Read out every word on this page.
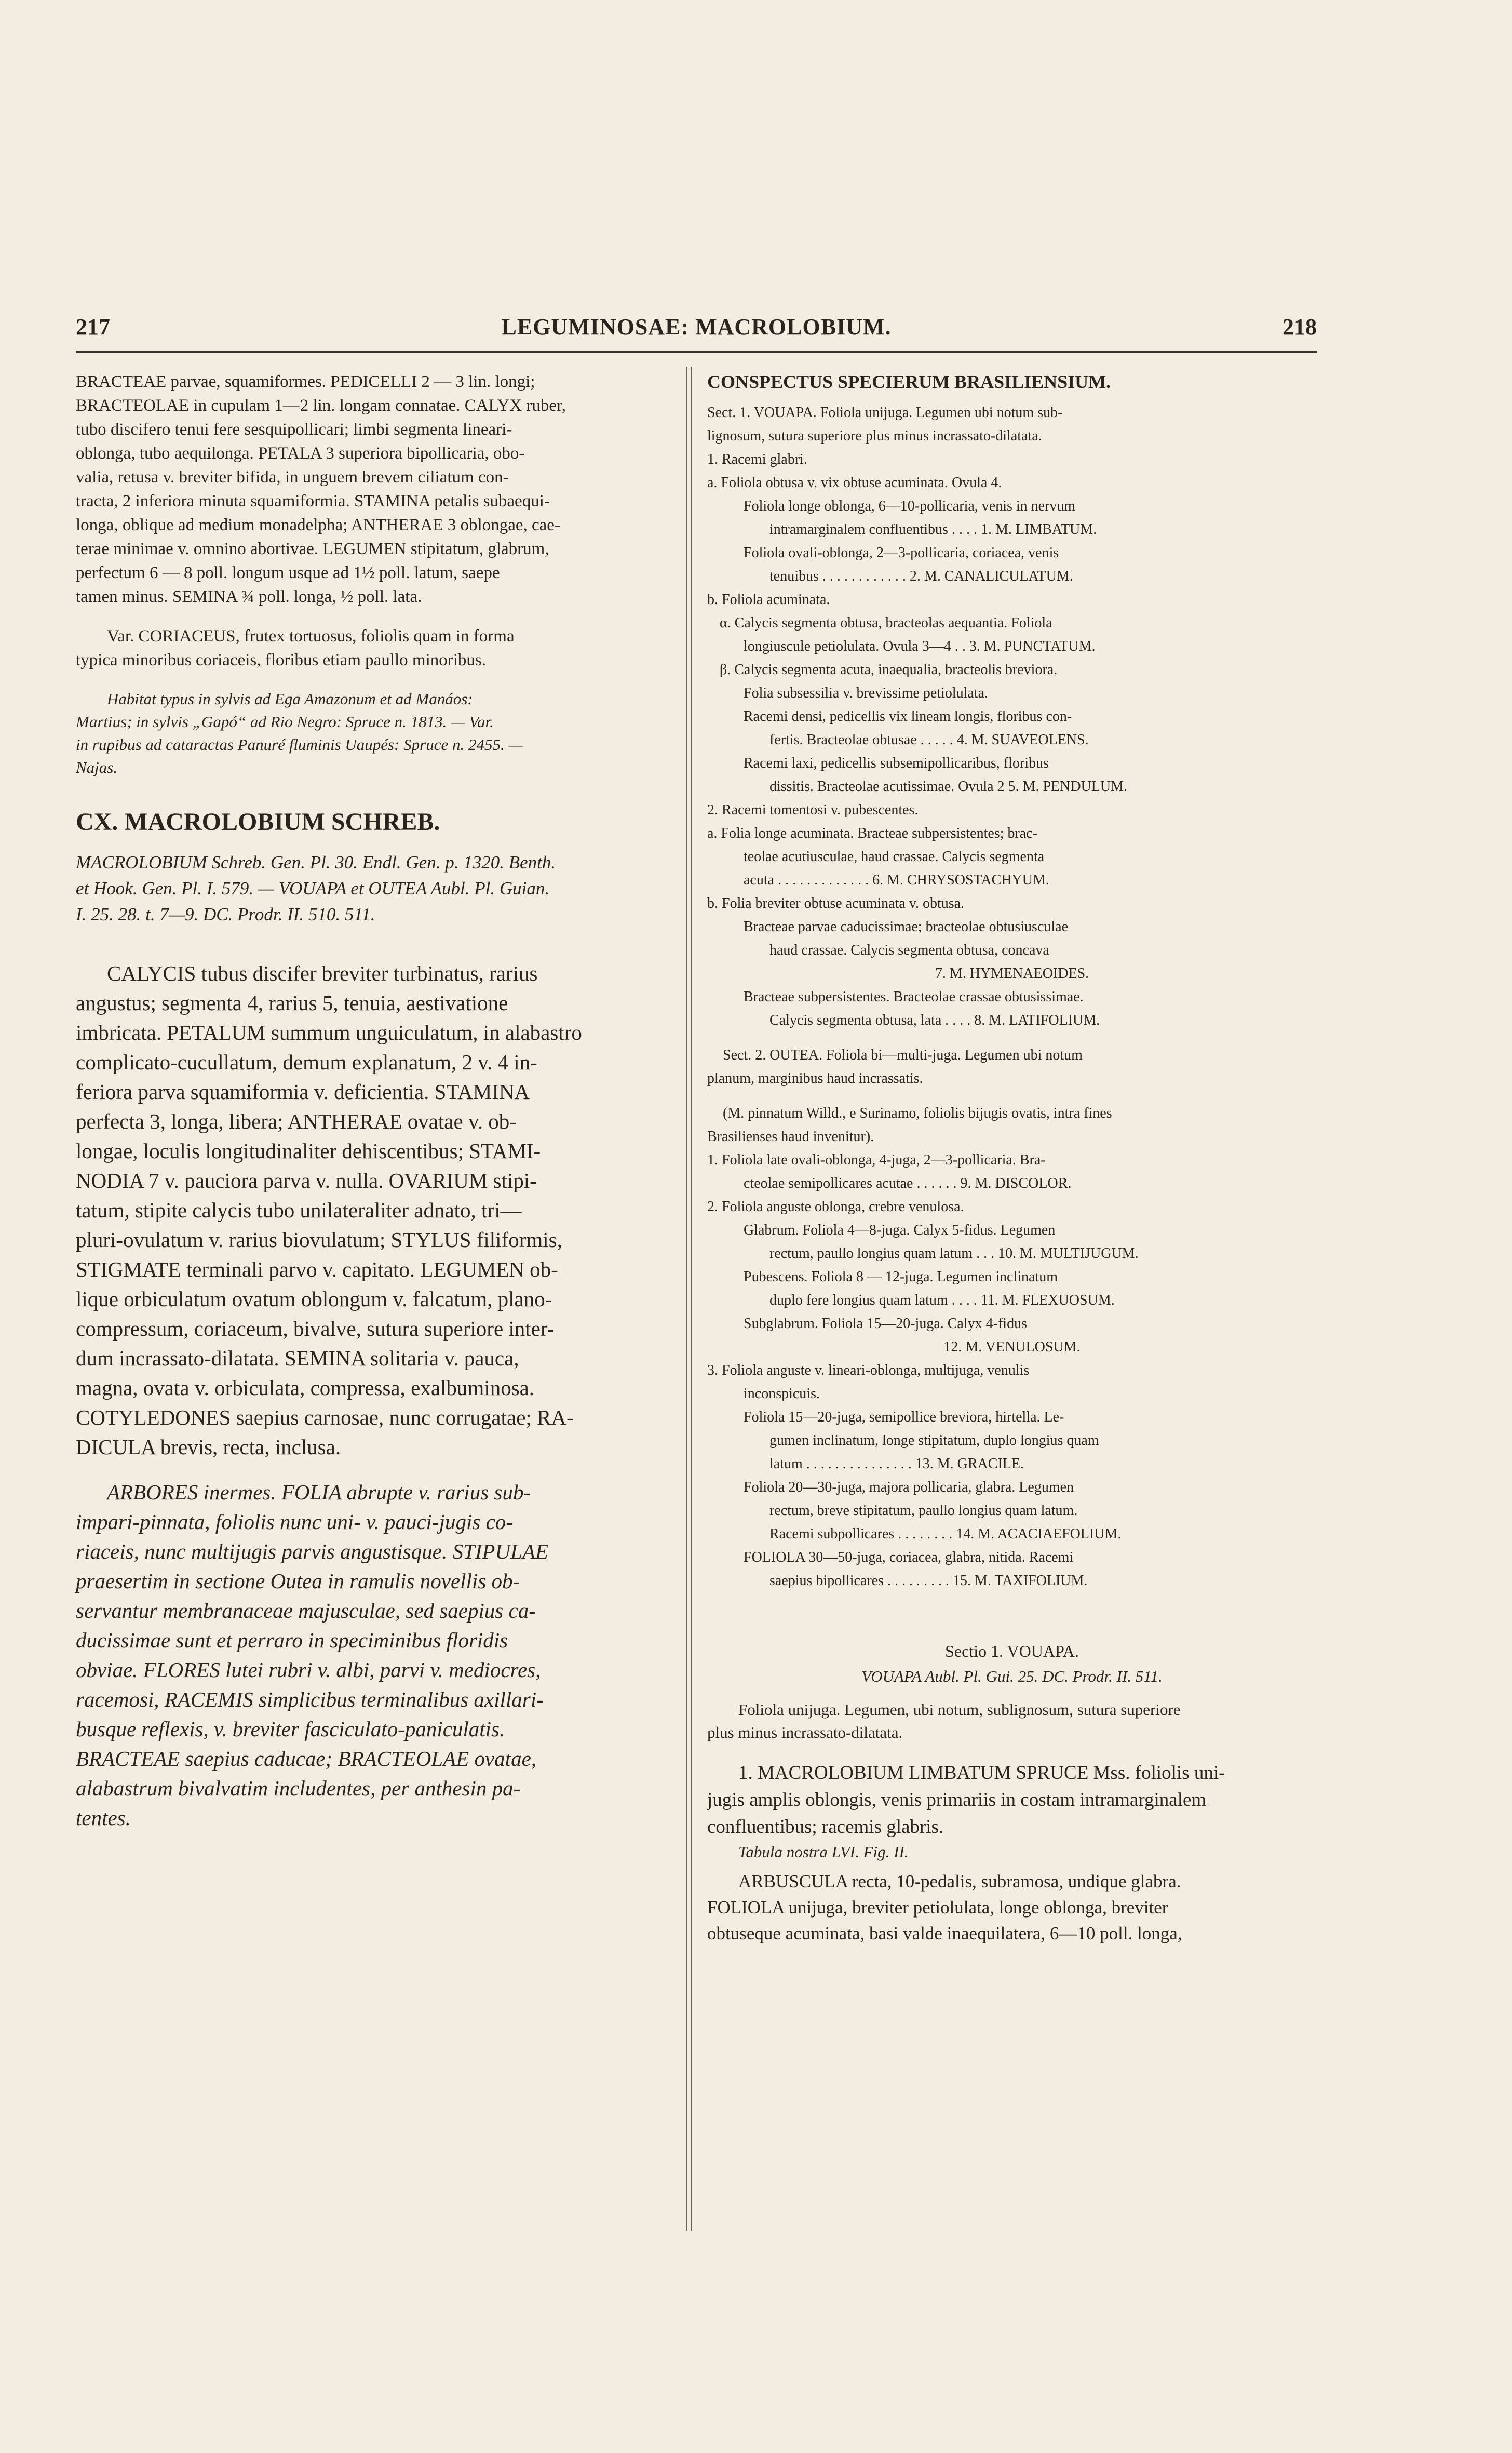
217	LEGUMINOSAE: MACROLOBIUM.	218

BRACTEAE parvae, squamiformes. PEDICELLI 2 — 3 lin. longi;

BRACTEOLAE in cupulam 1—2 lin. longam connatae. CALYX ruber,

tubo discifero tenui fere sesquipollicari; limbi segmenta lineari-

oblonga, tubo aequilonga. PETALA 3 superiora bipollicaria, obo-

valia, retusa v. breviter bifida, in unguem brevem ciliatum con-

tracta, 2 inferiora minuta squamiformia. STAMINA petalis subaequi-

longa, oblique ad medium monadelpha; ANTHERAE 3 oblongae, cae-

terae minimae v. omnino abortivae. LEGUMEN stipitatum, glabrum,

perfectum 6 — 8 poll. longum usque ad 1½ poll. latum, saepe

tamen minus. SEMINA ¾ poll. longa, ½ poll. lata.

Var. CORIACEUS, frutex tortuosus, foliolis quam in forma

typica minoribus coriaceis, floribus etiam paullo minoribus.

Habitat typus in sylvis ad Ega Amazonum et ad Manáos:

Martius; in sylvis „Gapó“ ad Rio Negro: Spruce n. 1813. — Var.

in rupibus ad cataractas Panuré fluminis Uaupés: Spruce n. 2455. —

Najas.

CX. MACROLOBIUM SCHREB.

MACROLOBIUM Schreb. Gen. Pl. 30. Endl. Gen. p. 1320. Benth.

et Hook. Gen. Pl. I. 579. — VOUAPA et OUTEA Aubl. Pl. Guian.

I. 25. 28. t. 7—9. DC. Prodr. II. 510. 511.

CALYCIS tubus discifer breviter turbinatus, rarius

angustus; segmenta 4, rarius 5, tenuia, aestivatione

imbricata. PETALUM summum unguiculatum, in alabastro

complicato-cucullatum, demum explanatum, 2 v. 4 in-

feriora parva squamiformia v. deficientia. STAMINA

perfecta 3, longa, libera; ANTHERAE ovatae v. ob-

longae, loculis longitudinaliter dehiscentibus; STAMI-

NODIA 7 v. pauciora parva v. nulla. OVARIUM stipi-

tatum, stipite calycis tubo unilateraliter adnato, tri—

pluri-ovulatum v. rarius biovulatum; STYLUS filiformis,

STIGMATE terminali parvo v. capitato. LEGUMEN ob-

lique orbiculatum ovatum oblongum v. falcatum, plano-

compressum, coriaceum, bivalve, sutura superiore inter-

dum incrassato-dilatata. SEMINA solitaria v. pauca,

magna, ovata v. orbiculata, compressa, exalbuminosa.

COTYLEDONES saepius carnosae, nunc corrugatae; RA-

DICULA brevis, recta, inclusa.

ARBORES inermes. FOLIA abrupte v. rarius sub-

impari-pinnata, foliolis nunc uni- v. pauci-jugis co-

riaceis, nunc multijugis parvis angustisque. STIPULAE

praesertim in sectione Outea in ramulis novellis ob-

servantur membranaceae majusculae, sed saepius ca-

ducissimae sunt et perraro in speciminibus floridis

obviae. FLORES lutei rubri v. albi, parvi v. mediocres,

racemosi, RACEMIS simplicibus terminalibus axillari-

busque reflexis, v. breviter fasciculato-paniculatis.

BRACTEAE saepius caducae; BRACTEOLAE ovatae,

alabastrum bivalvatim includentes, per anthesin pa-

tentes.

CONSPECTUS SPECIERUM BRASILIENSIUM.

Sect. 1. VOUAPA. Foliola unijuga. Legumen ubi notum sub-

lignosum, sutura superiore plus minus incrassato-dilatata.

1. Racemi glabri.

a. Foliola obtusa v. vix obtuse acuminata. Ovula 4.

Foliola longe oblonga, 6—10-pollicaria, venis in nervum

intramarginalem confluentibus . . . . 1. M. LIMBATUM.

Foliola ovali-oblonga, 2—3-pollicaria, coriacea, venis

tenuibus . . . . . . . . . . . . 2. M. CANALICULATUM.

b. Foliola acuminata.

α. Calycis segmenta obtusa, bracteolas aequantia. Foliola

longiuscule petiolulata. Ovula 3—4 . . 3. M. PUNCTATUM.

β. Calycis segmenta acuta, inaequalia, bracteolis breviora.

Folia subsessilia v. brevissime petiolulata.

Racemi densi, pedicellis vix lineam longis, floribus con-

fertis. Bracteolae obtusae . . . . . 4. M. SUAVEOLENS.

Racemi laxi, pedicellis subsemipollicaribus, floribus

dissitis. Bracteolae acutissimae. Ovula 2 5. M. PENDULUM.

2. Racemi tomentosi v. pubescentes.

a. Folia longe acuminata. Bracteae subpersistentes; brac-

teolae acutiusculae, haud crassae. Calycis segmenta

acuta . . . . . . . . . . . . . 6. M. CHRYSOSTACHYUM.

b. Folia breviter obtuse acuminata v. obtusa.

Bracteae parvae caducissimae; bracteolae obtusiusculae

haud crassae. Calycis segmenta obtusa, concava

7. M. HYMENAEOIDES.

Bracteae subpersistentes. Bracteolae crassae obtusissimae.

Calycis segmenta obtusa, lata . . . . 8. M. LATIFOLIUM.

Sect. 2. OUTEA. Foliola bi—multi-juga. Legumen ubi notum

planum, marginibus haud incrassatis.

(M. pinnatum Willd., e Surinamo, foliolis bijugis ovatis, intra fines

Brasilienses haud invenitur).

1. Foliola late ovali-oblonga, 4-juga, 2—3-pollicaria. Bra-

cteolae semipollicares acutae . . . . . . 9. M. DISCOLOR.

2. Foliola anguste oblonga, crebre venulosa.

Glabrum. Foliola 4—8-juga. Calyx 5-fidus. Legumen

rectum, paullo longius quam latum . . . 10. M. MULTIJUGUM.

Pubescens. Foliola 8 — 12-juga. Legumen inclinatum

duplo fere longius quam latum . . . . 11. M. FLEXUOSUM.

Subglabrum. Foliola 15—20-juga. Calyx 4-fidus

12. M. VENULOSUM.

3. Foliola anguste v. lineari-oblonga, multijuga, venulis

inconspicuis.

Foliola 15—20-juga, semipollice breviora, hirtella. Le-

gumen inclinatum, longe stipitatum, duplo longius quam

latum . . . . . . . . . . . . . . . 13. M. GRACILE.

Foliola 20—30-juga, majora pollicaria, glabra. Legumen

rectum, breve stipitatum, paullo longius quam latum.

Racemi subpollicares . . . . . . . . 14. M. ACACIAEFOLIUM.

FOLIOLA 30—50-juga, coriacea, glabra, nitida. Racemi

saepius bipollicares . . . . . . . . . 15. M. TAXIFOLIUM.

Sectio 1. VOUAPA.

VOUAPA Aubl. Pl. Gui. 25. DC. Prodr. II. 511.

Foliola unijuga. Legumen, ubi notum, sublignosum, sutura superiore

plus minus incrassato-dilatata.

1. MACROLOBIUM LIMBATUM SPRUCE Mss. foliolis uni-

jugis amplis oblongis, venis primariis in costam intramarginalem

confluentibus; racemis glabris.

Tabula nostra LVI. Fig. II.

ARBUSCULA recta, 10-pedalis, subramosa, undique glabra.

FOLIOLA unijuga, breviter petiolulata, longe oblonga, breviter

obtuseque acuminata, basi valde inaequilatera, 6—10 poll. longa,
